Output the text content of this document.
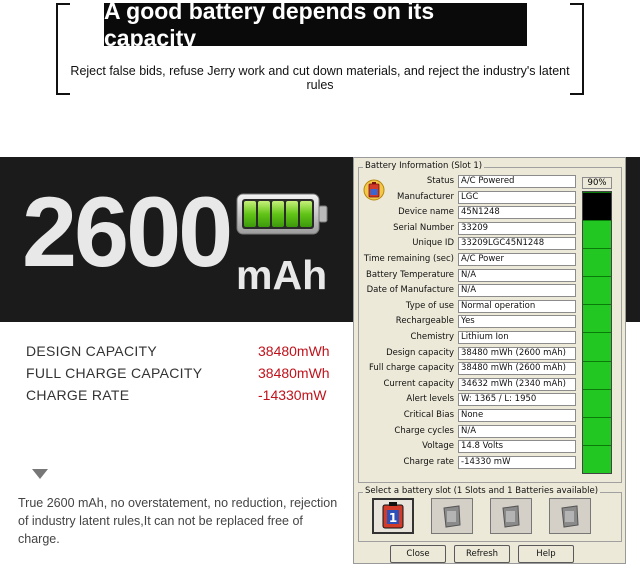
A good battery depends on its capacity
Reject false bids, refuse Jerry work and cut down materials, and reject the industry's latent rules
2600 mAh
DESIGN CAPACITY	38480mWh
FULL CHARGE CAPACITY	38480mWh
CHARGE RATE	-14330mW
True 2600 mAh, no overstatement, no reduction, rejection of industry latent rules,It can not be replaced free of charge.
Battery Information (Slot 1)
Status A/C Powered
Manufacturer LGC
Device name 45N1248
Serial Number 33209
Unique ID 33209LGC45N1248
Time remaining (sec) A/C Power
Battery Temperature N/A
Date of Manufacture N/A
Type of use Normal operation
Rechargeable Yes
Chemistry Lithium Ion
Design capacity 38480 mWh (2600 mAh)
Full charge capacity 38480 mWh (2600 mAh)
Current capacity 34632 mWh (2340 mAh)
Alert levels W: 1365 / L: 1950
Critical Bias None
Charge cycles N/A
Voltage 14.8 Volts
Charge rate -14330 mW
90%
Select a battery slot (1 Slots and 1 Batteries available)
1
Close	Refresh	Help
